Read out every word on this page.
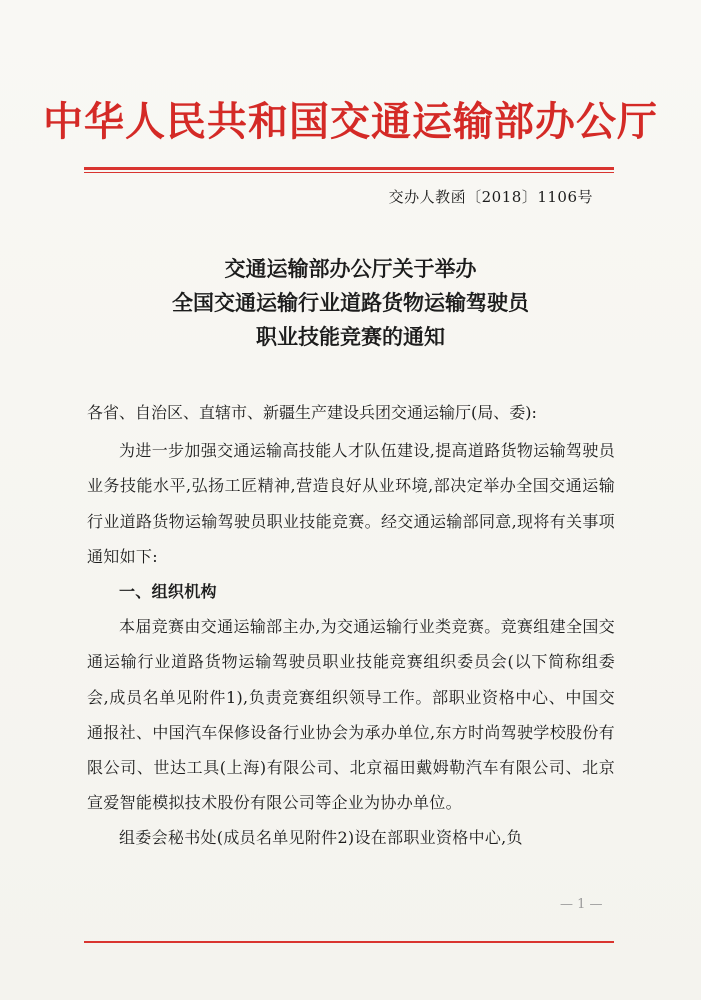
中华人民共和国交通运输部办公厅
交办人教函〔2018〕1106号
交通运输部办公厅关于举办
全国交通运输行业道路货物运输驾驶员
职业技能竞赛的通知

各省、自治区、直辖市、新疆生产建设兵团交通运输厅(局、委):

为进一步加强交通运输高技能人才队伍建设,提高道路货物运输驾驶员业务技能水平,弘扬工匠精神,营造良好从业环境,部决定举办全国交通运输行业道路货物运输驾驶员职业技能竞赛。经交通运输部同意,现将有关事项通知如下:

一、组织机构

本届竞赛由交通运输部主办,为交通运输行业类竞赛。竞赛组建全国交通运输行业道路货物运输驾驶员职业技能竞赛组织委员会(以下简称组委会,成员名单见附件1),负责竞赛组织领导工作。部职业资格中心、中国交通报社、中国汽车保修设备行业协会为承办单位,东方时尚驾驶学校股份有限公司、世达工具(上海)有限公司、北京福田戴姆勒汽车有限公司、北京宣爱智能模拟技术股份有限公司等企业为协办单位。

组委会秘书处(成员名单见附件2)设在部职业资格中心,负

— 1 —
